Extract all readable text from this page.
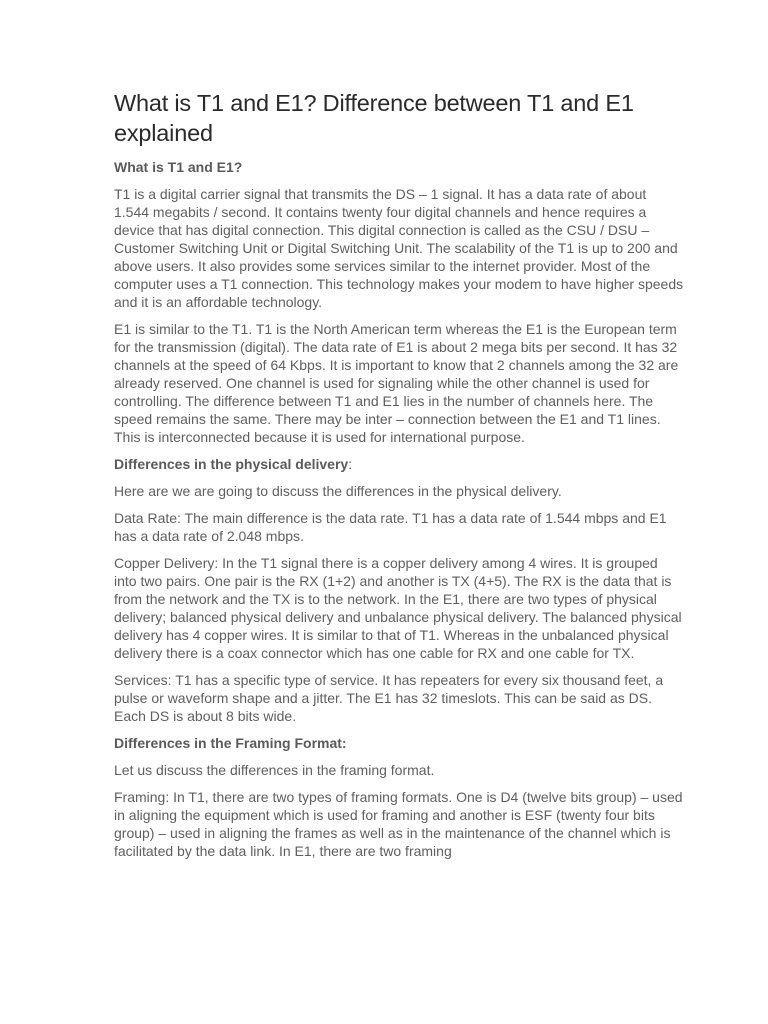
What is T1 and E1? Difference between T1 and E1 explained
What is T1 and E1?

T1 is a digital carrier signal that transmits the DS – 1 signal. It has a data rate of about 1.544 megabits / second. It contains twenty four digital channels and hence requires a device that has digital connection. This digital connection is called as the CSU / DSU – Customer Switching Unit or Digital Switching Unit. The scalability of the T1 is up to 200 and above users. It also provides some services similar to the internet provider. Most of the computer uses a T1 connection. This technology makes your modem to have higher speeds and it is an affordable technology.

E1 is similar to the T1. T1 is the North American term whereas the E1 is the European term for the transmission (digital). The data rate of E1 is about 2 mega bits per second. It has 32 channels at the speed of 64 Kbps. It is important to know that 2 channels among the 32 are already reserved. One channel is used for signaling while the other channel is used for controlling. The difference between T1 and E1 lies in the number of channels here. The speed remains the same. There may be inter – connection between the E1 and T1 lines. This is interconnected because it is used for international purpose.

Differences in the physical delivery:

Here are we are going to discuss the differences in the physical delivery.

Data Rate: The main difference is the data rate. T1 has a data rate of 1.544 mbps and E1 has a data rate of 2.048 mbps.

Copper Delivery: In the T1 signal there is a copper delivery among 4 wires. It is grouped into two pairs. One pair is the RX (1+2) and another is TX (4+5). The RX is the data that is from the network and the TX is to the network. In the E1, there are two types of physical delivery; balanced physical delivery and unbalance physical delivery. The balanced physical delivery has 4 copper wires. It is similar to that of T1. Whereas in the unbalanced physical delivery there is a coax connector which has one cable for RX and one cable for TX.

Services: T1 has a specific type of service. It has repeaters for every six thousand feet, a pulse or waveform shape and a jitter. The E1 has 32 timeslots. This can be said as DS. Each DS is about 8 bits wide.

Differences in the Framing Format:

Let us discuss the differences in the framing format.

Framing: In T1, there are two types of framing formats. One is D4 (twelve bits group) – used in aligning the equipment which is used for framing and another is ESF (twenty four bits group) – used in aligning the frames as well as in the maintenance of the channel which is facilitated by the data link. In E1, there are two framing
